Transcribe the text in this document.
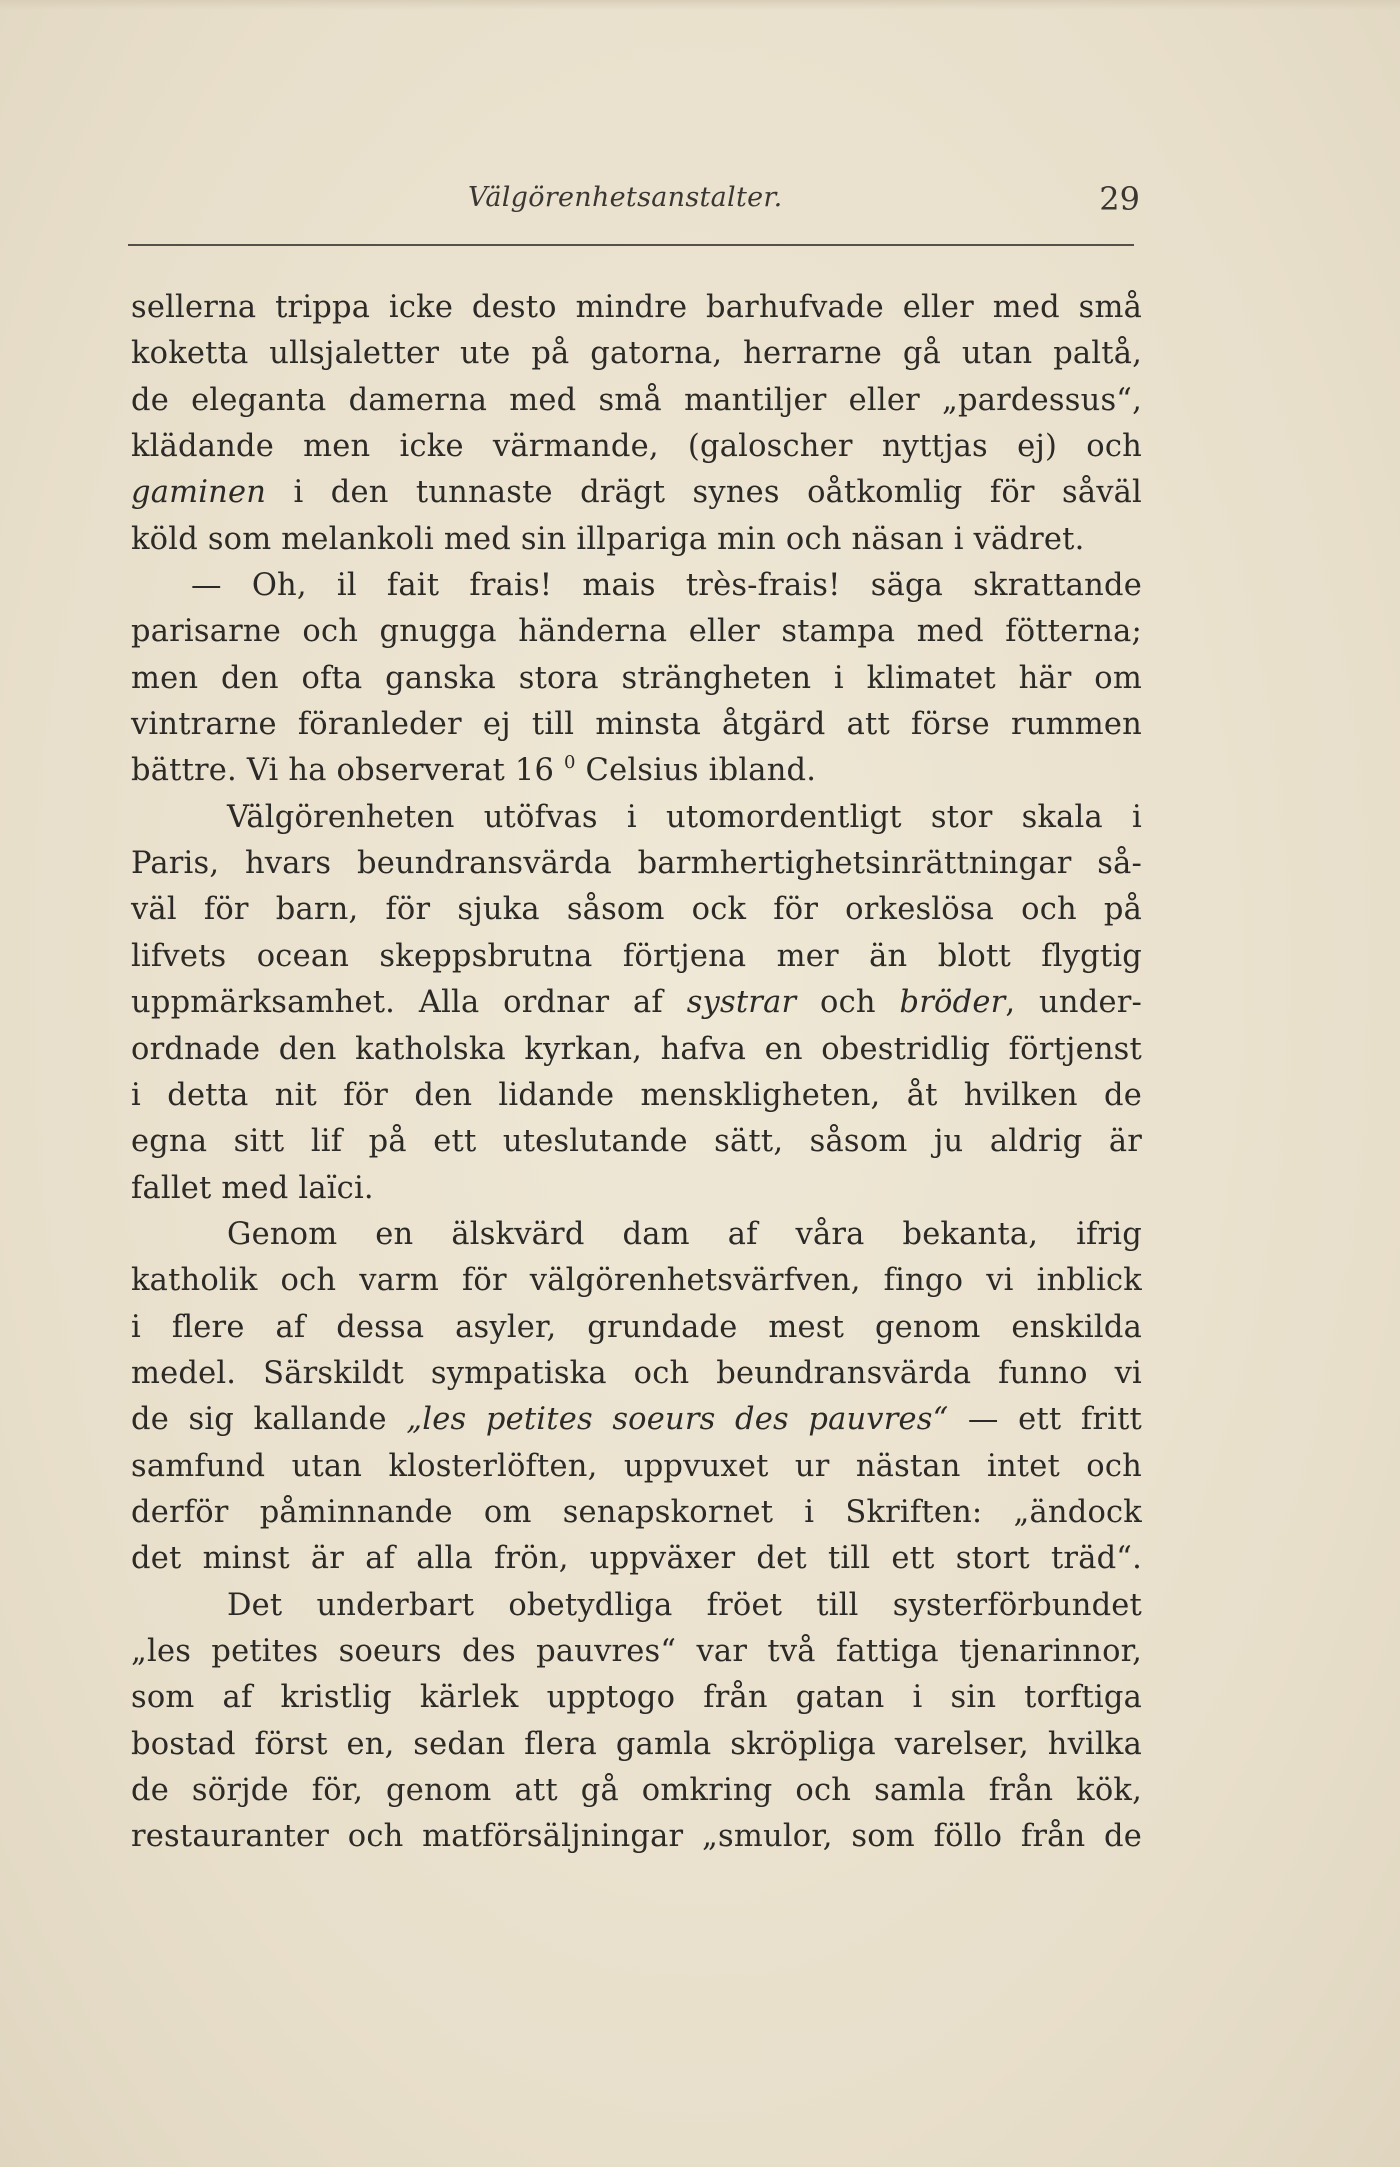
Välgörenhetsanstalter.	29
sellerna trippa icke desto mindre barhufvade eller med små
koketta ullsjaletter ute på gatorna, herrarne gå utan paltå,
de eleganta damerna med små mantiljer eller „pardessus“,
klädande men icke värmande, (galoscher nyttjas ej) och
gaminen i den tunnaste drägt synes oåtkomlig för såväl
köld som melankoli med sin illpariga min och näsan i vädret.
— Oh, il fait frais! mais très-frais! säga skrattande
parisarne och gnugga händerna eller stampa med fötterna;
men den ofta ganska stora strängheten i klimatet här om
vintrarne föranleder ej till minsta åtgärd att förse rummen
bättre. Vi ha observerat 16 $^0$ Celsius ibland.
Välgörenheten utöfvas i utomordentligt stor skala i
Paris, hvars beundransvärda barmhertighetsinrättningar så-
väl för barn, för sjuka såsom ock för orkeslösa och på
lifvets ocean skeppsbrutna förtjena mer än blott flygtig
uppmärksamhet. Alla ordnar af systrar och bröder, under-
ordnade den katholska kyrkan, hafva en obestridlig förtjenst
i detta nit för den lidande menskligheten, åt hvilken de
egna sitt lif på ett uteslutande sätt, såsom ju aldrig är
fallet med laïci.
Genom en älskvärd dam af våra bekanta, ifrig
katholik och varm för välgörenhetsvärfven, fingo vi inblick
i flere af dessa asyler, grundade mest genom enskilda
medel. Särskildt sympatiska och beundransvärda funno vi
de sig kallande „les petites soeurs des pauvres“ — ett fritt
samfund utan klosterlöften, uppvuxet ur nästan intet och
derför påminnande om senapskornet i Skriften: „ändock
det minst är af alla frön, uppväxer det till ett stort träd“.
Det underbart obetydliga fröet till systerförbundet
„les petites soeurs des pauvres“ var två fattiga tjenarinnor,
som af kristlig kärlek upptogo från gatan i sin torftiga
bostad först en, sedan flera gamla skröpliga varelser, hvilka
de sörjde för, genom att gå omkring och samla från kök,
restauranter och matförsäljningar „smulor, som föllo från de
